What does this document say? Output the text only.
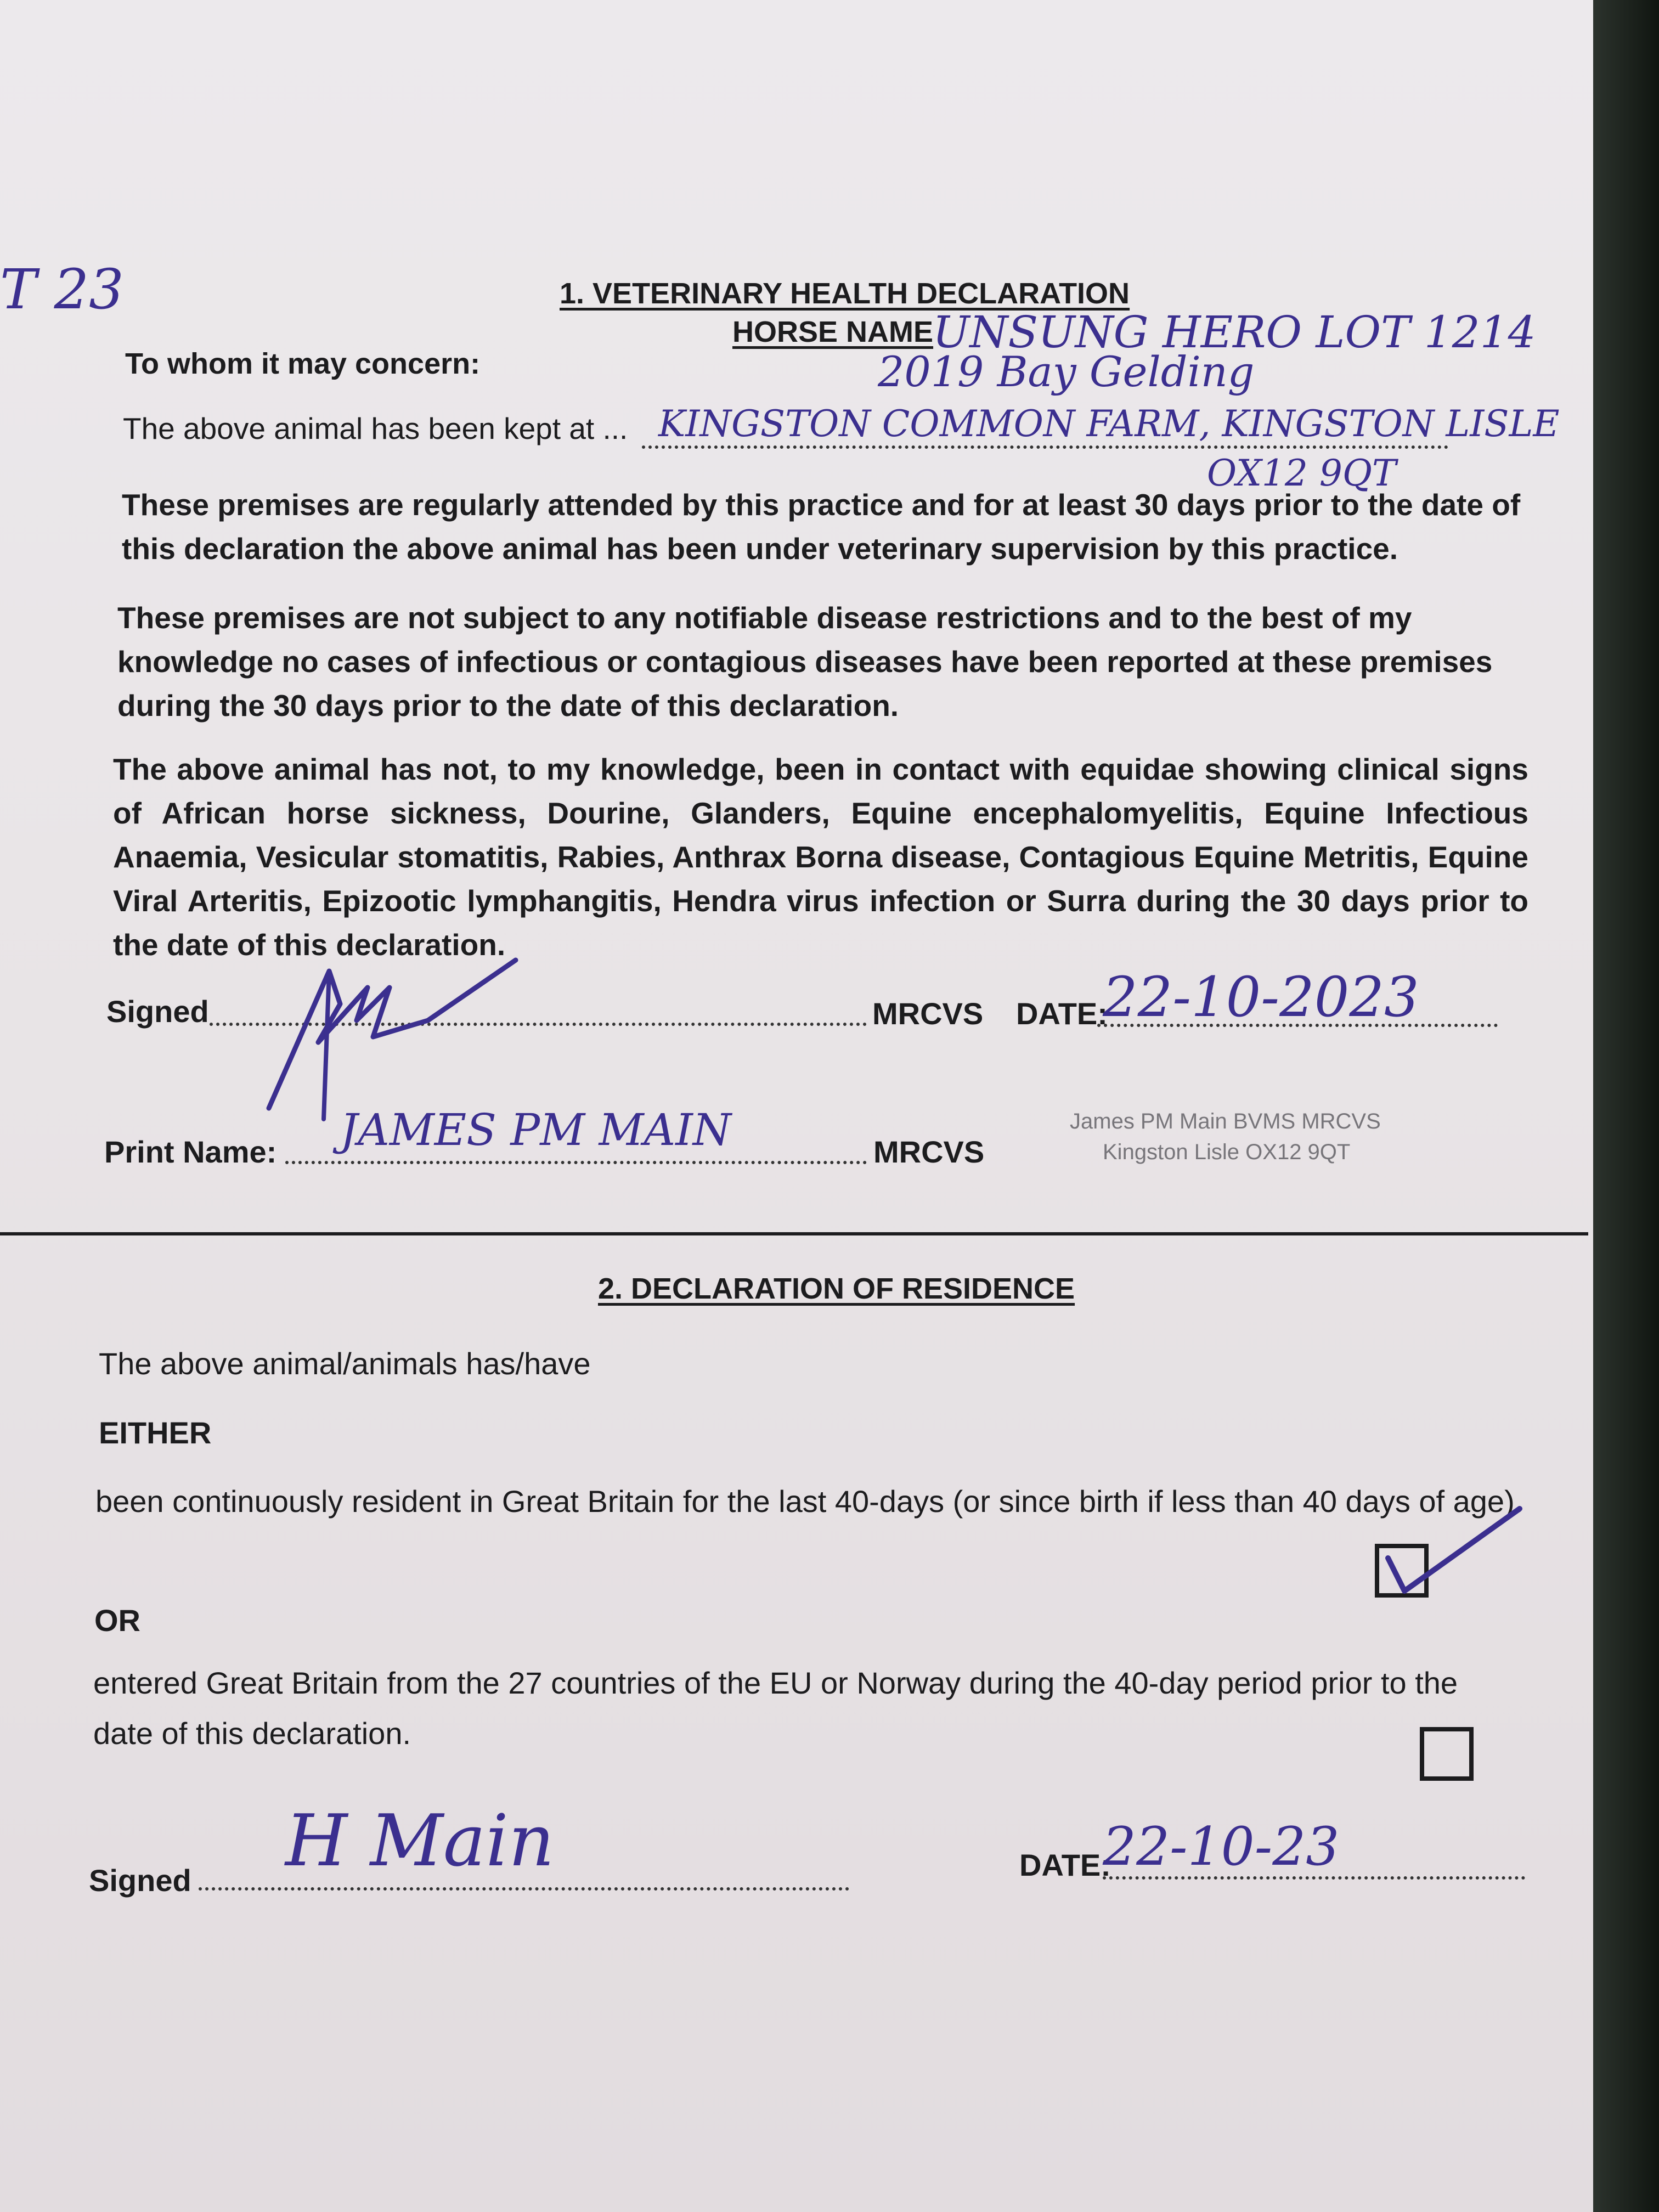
T 23	1. VETERINARY HEALTH DECLARATION
HORSE NAME
UNSUNG HERO LOT 1214
2019 Bay Gelding
To whom it may concern:
The above animal has been kept at ... KINGSTON COMMON FARM, KINGSTON LISLE
OX12 9QT
These premises are regularly attended by this practice and for at least 30 days prior to the date of this declaration the above animal has been under veterinary supervision by this practice.
These premises are not subject to any notifiable disease restrictions and to the best of my knowledge no cases of infectious or contagious diseases have been reported at these premises during the 30 days prior to the date of this declaration.
The above animal has not, to my knowledge, been in contact with equidae showing clinical signs of African horse sickness, Dourine, Glanders, Equine encephalomyelitis, Equine Infectious Anaemia, Vesicular stomatitis, Rabies, Anthrax Borna disease, Contagious Equine Metritis, Equine Viral Arteritis, Epizootic lymphangitis, Hendra virus infection or Surra during the 30 days prior to the date of this declaration.
Signed	MRCVS DATE:
22-10-2023
Print Name:	MRCVS
JAMES PM MAIN	James PM Main BVMS MRCVS
Kingston Lisle OX12 9QT
2. DECLARATION OF RESIDENCE
The above animal/animals has/have
EITHER
been continuously resident in Great Britain for the last 40-days (or since birth if less than 40 days of age).
OR
entered Great Britain from the 27 countries of the EU or Norway during the 40-day period prior to the date of this declaration.
Signed H Main	DATE:
22-10-23
